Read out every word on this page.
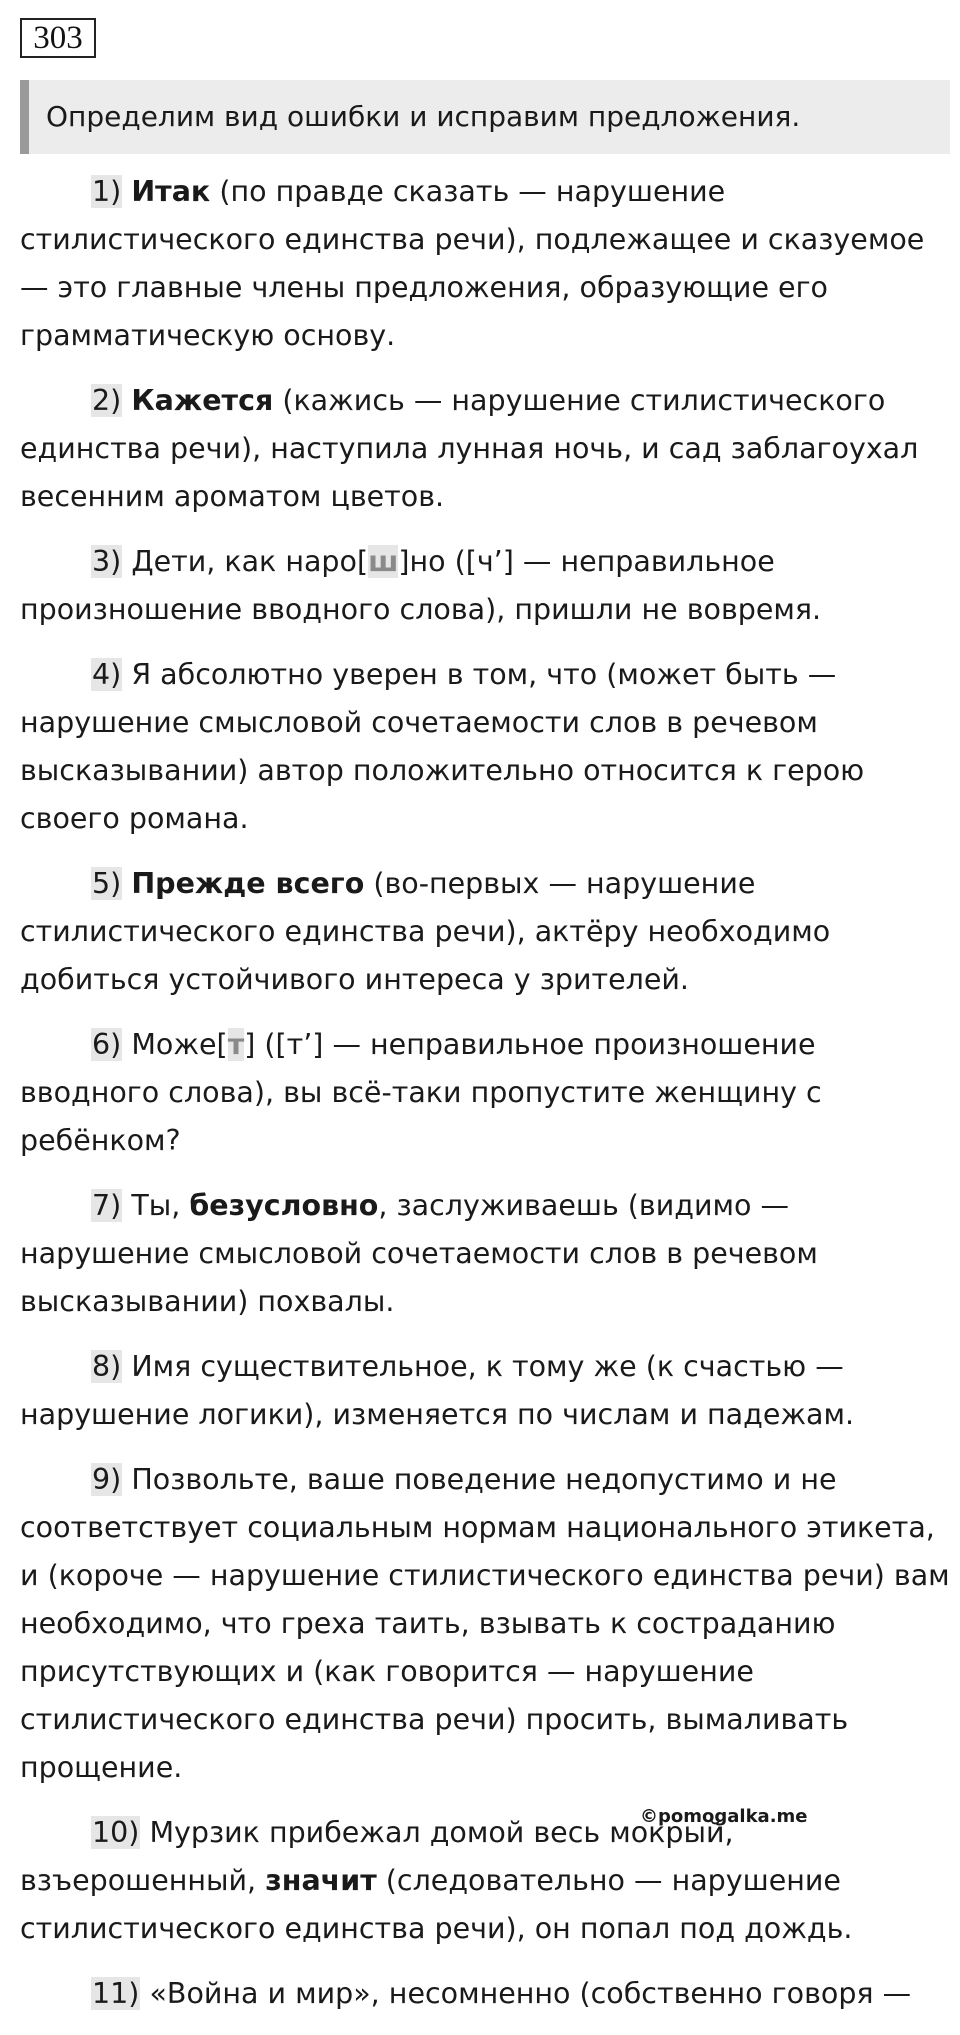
303
Определим вид ошибки и исправим предложения.

1) Итак (по правде сказать — нарушение стилистического единства речи), подлежащее и сказуемое — это главные члены предложения, образующие его грамматическую основу.

2) Кажется (кажись — нарушение стилистического единства речи), наступила лунная ночь, и сад заблагоухал весенним ароматом цветов.

3) Дети, как наро[ш]но ([ч’] — неправильное произношение вводного слова), пришли не вовремя.

4) Я абсолютно уверен в том, что (может быть — нарушение смысловой сочетаемости слов в речевом высказывании) автор положительно относится к герою своего романа.

5) Прежде всего (во-первых — нарушение стилистического единства речи), актёру необходимо добиться устойчивого интереса у зрителей.

6) Може[т] ([т’] — неправильное произношение вводного слова), вы всё-таки пропустите женщину с ребёнком?

7) Ты, безусловно, заслуживаешь (видимо — нарушение смысловой сочетаемости слов в речевом высказывании) похвалы.

8) Имя существительное, к тому же (к счастью — нарушение логики), изменяется по числам и падежам.

9) Позвольте, ваше поведение недопустимо и не соответствует социальным нормам национального этикета, и (короче — нарушение стилистического единства речи) вам необходимо, что греха таить, взывать к состраданию присутствующих и (как говорится — нарушение стилистического единства речи) просить, вымаливать прощение.

10) Мурзик прибежал домой весь мокрый, взъерошенный, значит (следовательно — нарушение стилистического единства речи), он попал под дождь.

11) «Война и мир», несомненно (собственно говоря —

©pomogalka.me
